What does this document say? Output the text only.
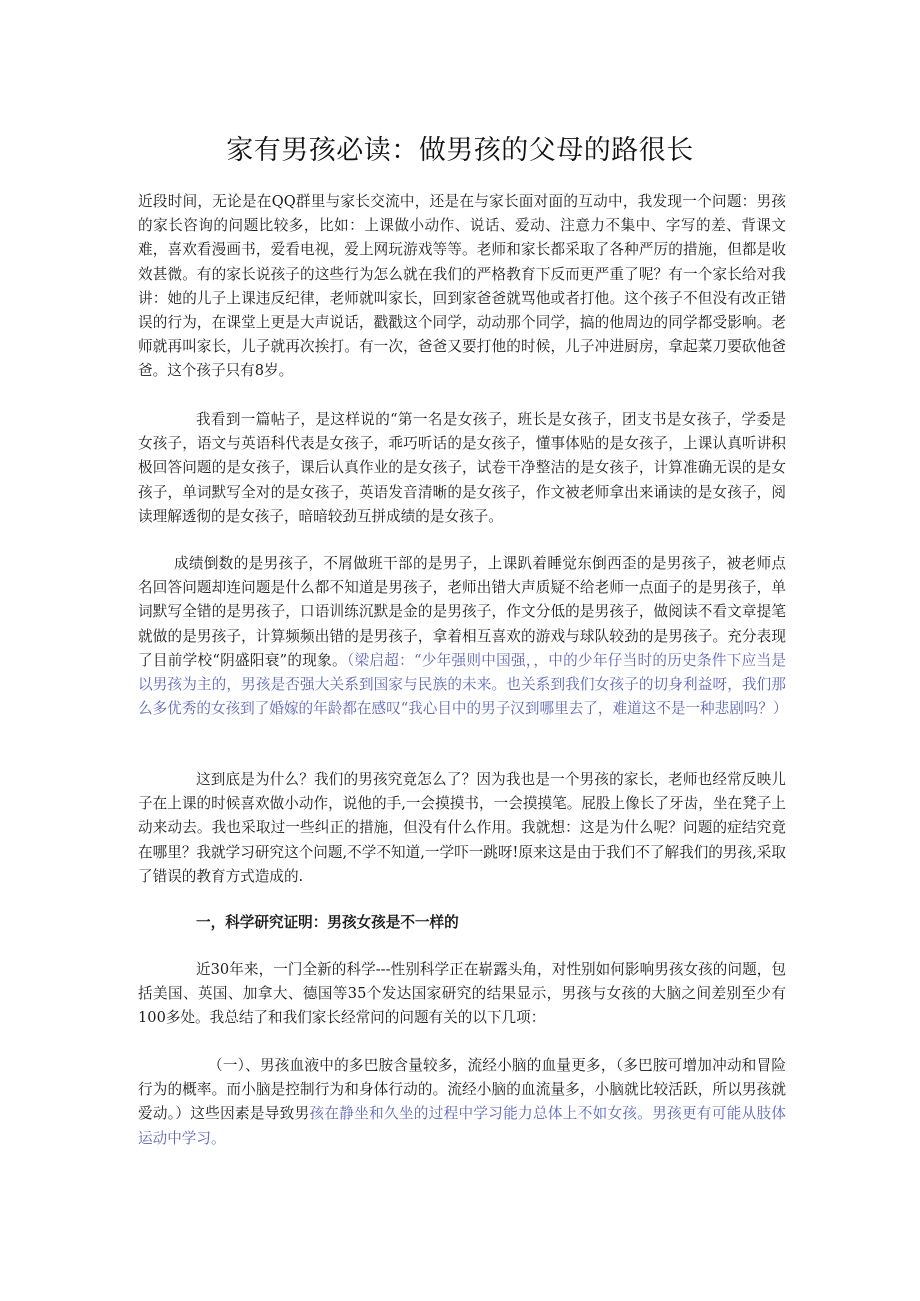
家有男孩必读：做男孩的父母的路很长

近段时间，无论是在QQ群里与家长交流中，还是在与家长面对面的互动中，我发现一个问题：男孩的家长咨询的问题比较多，比如：上课做小动作、说话、爱动、注意力不集中、字写的差、背课文难，喜欢看漫画书，爱看电视，爱上网玩游戏等等。老师和家长都采取了各种严厉的措施，但都是收效甚微。有的家长说孩子的这些行为怎么就在我们的严格教育下反而更严重了呢？有一个家长给对我讲：她的儿子上课违反纪律，老师就叫家长，回到家爸爸就骂他或者打他。这个孩子不但没有改正错误的行为，在课堂上更是大声说话，戳戳这个同学，动动那个同学，搞的他周边的同学都受影响。老师就再叫家长，儿子就再次挨打。有一次，爸爸又要打他的时候，儿子冲进厨房，拿起菜刀要砍他爸爸。这个孩子只有8岁。

我看到一篇帖子，是这样说的“第一名是女孩子，班长是女孩子，团支书是女孩子，学委是女孩子，语文与英语科代表是女孩子，乖巧听话的是女孩子，懂事体贴的是女孩子，上课认真听讲积极回答问题的是女孩子，课后认真作业的是女孩子，试卷干净整洁的是女孩子，计算准确无误的是女孩子，单词默写全对的是女孩子，英语发音清晰的是女孩子，作文被老师拿出来诵读的是女孩子，阅读理解透彻的是女孩子，暗暗较劲互拼成绩的是女孩子。

成绩倒数的是男孩子，不屑做班干部的是男子，上课趴着睡觉东倒西歪的是男孩子，被老师点名回答问题却连问题是什么都不知道是男孩子，老师出错大声质疑不给老师一点面子的是男孩子，单词默写全错的是男孩子，口语训练沉默是金的是男孩子，作文分低的是男孩子，做阅读不看文章提笔就做的是男孩子，计算频频出错的是男孩子，拿着相互喜欢的游戏与球队较劲的是男孩子。充分表现了目前学校“阴盛阳衰”的现象。（梁启超：“少年强则中国强，，中的少年仔当时的历史条件下应当是以男孩为主的，男孩是否强大关系到国家与民族的未来。也关系到我们女孩子的切身利益呀，我们那么多优秀的女孩到了婚嫁的年龄都在感叹“我心目中的男子汉到哪里去了，难道这不是一种悲剧吗？）

这到底是为什么？我们的男孩究竟怎么了？因为我也是一个男孩的家长，老师也经常反映儿子在上课的时候喜欢做小动作，说他的手,一会摸摸书，一会摸摸笔。屁股上像长了牙齿，坐在凳子上动来动去。我也采取过一些纠正的措施，但没有什么作用。我就想：这是为什么呢？问题的症结究竟在哪里？我就学习研究这个问题,不学不知道,一学吓一跳呀!原来这是由于我们不了解我们的男孩,采取了错误的教育方式造成的.

一，科学研究证明：男孩女孩是不一样的

近30年来，一门全新的科学---性别科学正在崭露头角，对性别如何影响男孩女孩的问题，包括美国、英国、加拿大、德国等35个发达国家研究的结果显示，男孩与女孩的大脑之间差别至少有100多处。我总结了和我们家长经常问的问题有关的以下几项：

（一）、男孩血液中的多巴胺含量较多，流经小脑的血量更多，（多巴胺可增加冲动和冒险行为的概率。而小脑是控制行为和身体行动的。流经小脑的血流量多，小脑就比较活跃，所以男孩就爱动。）这些因素是导致男孩在静坐和久坐的过程中学习能力总体上不如女孩。男孩更有可能从肢体运动中学习。
